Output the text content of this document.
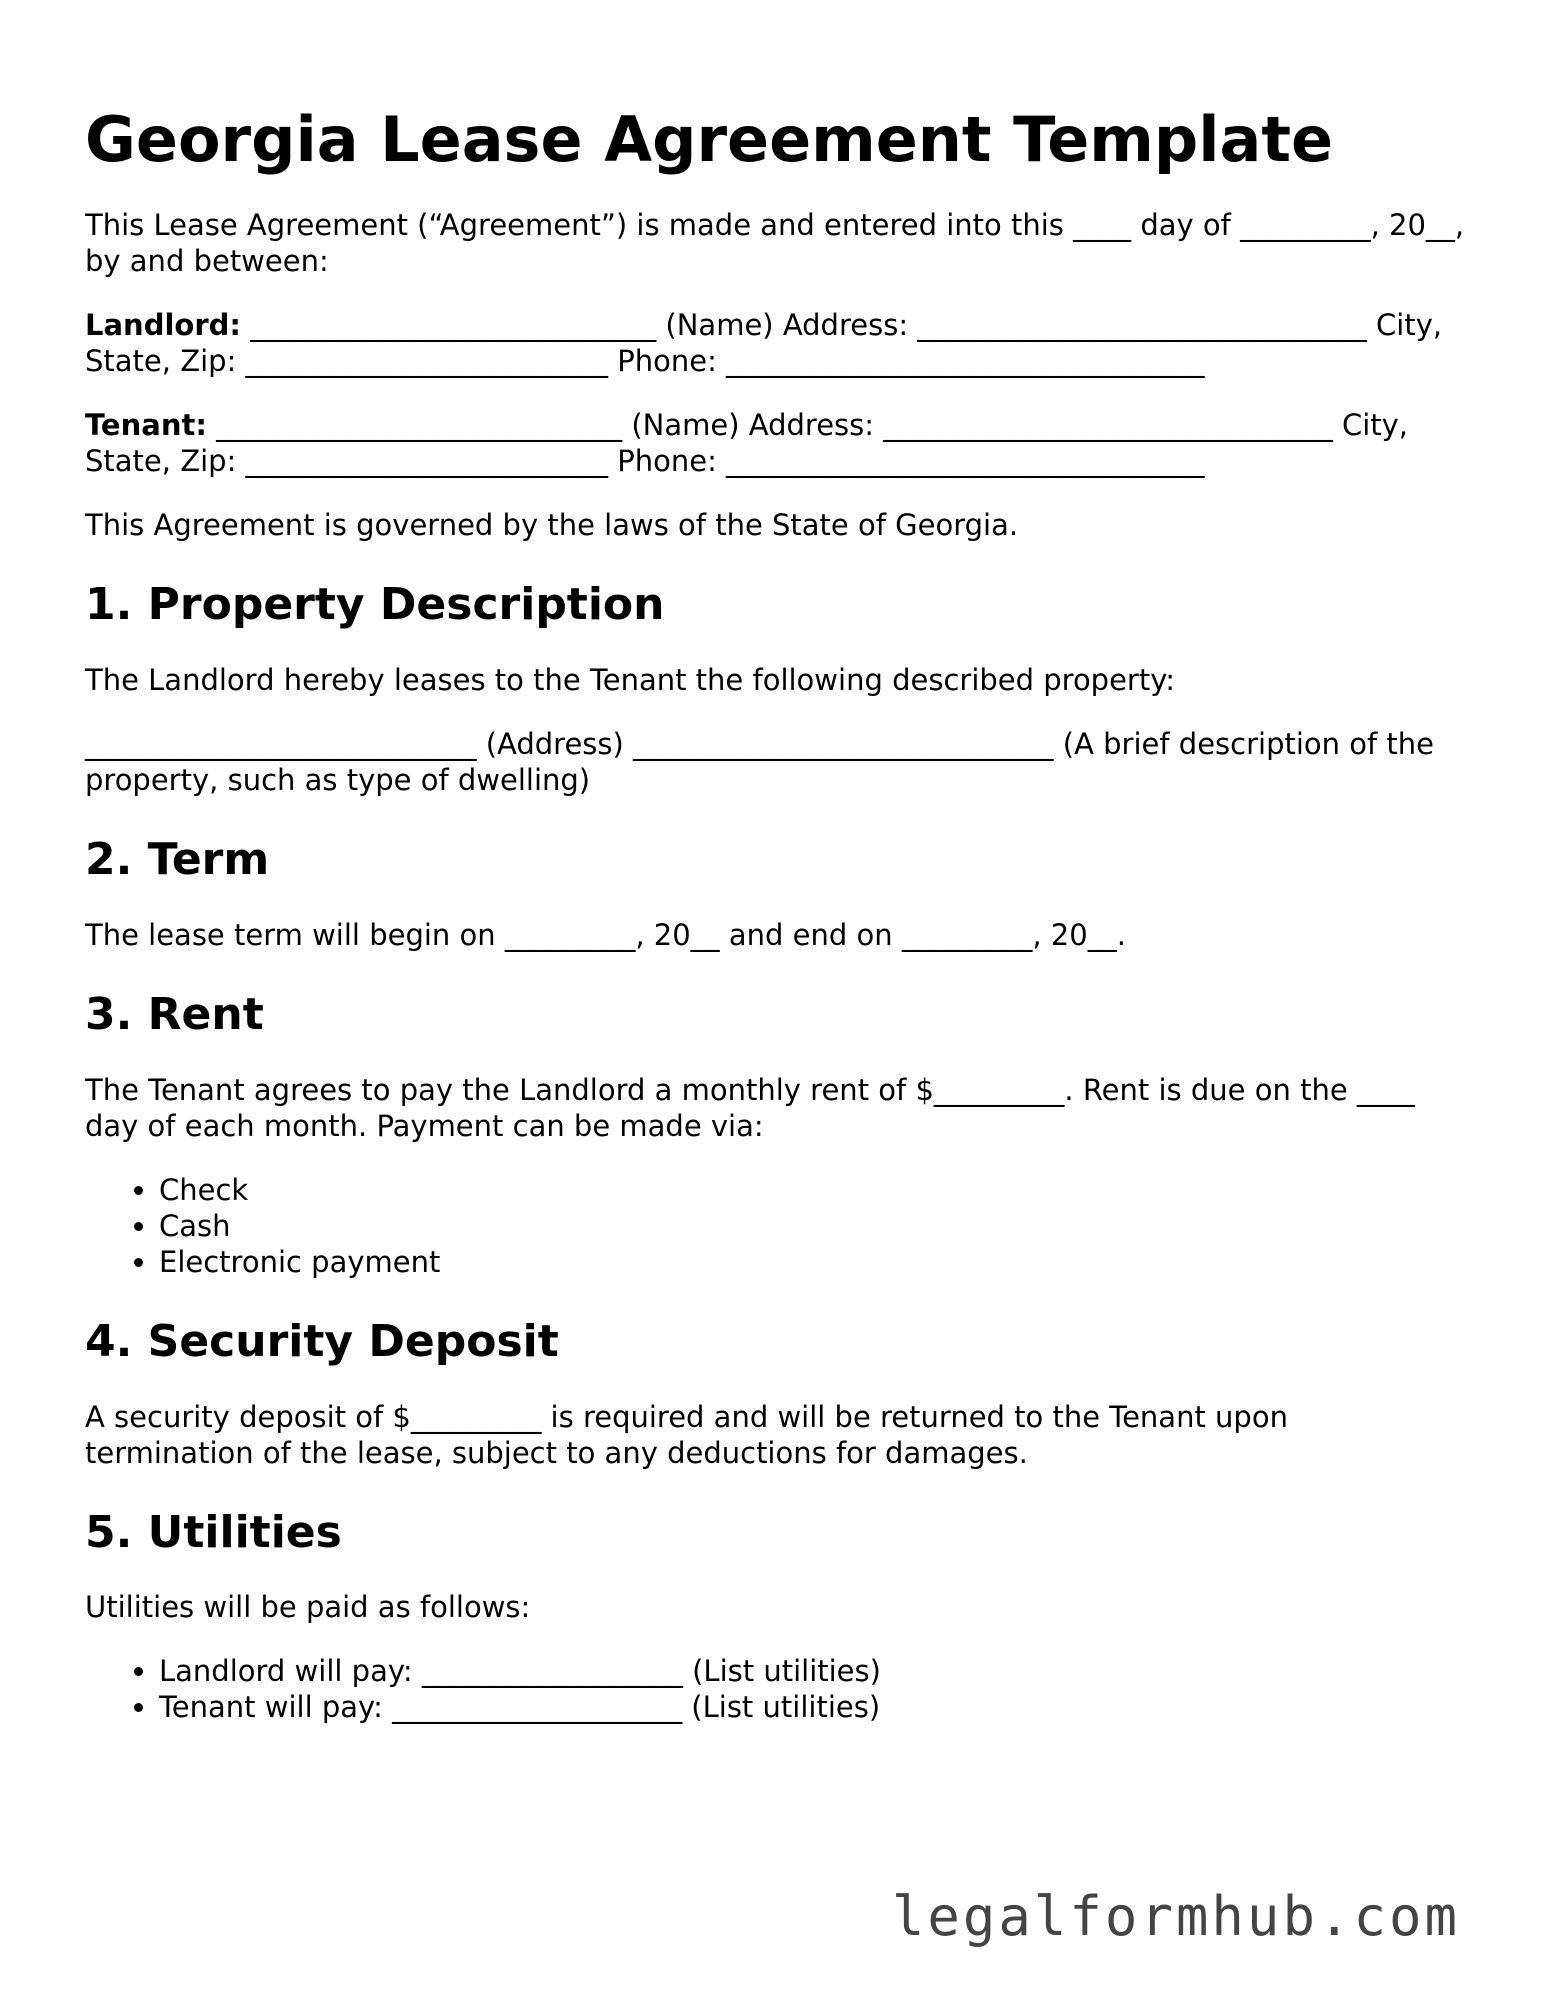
Georgia Lease Agreement Template

This Lease Agreement (“Agreement”) is made and entered into this ____ day of _________, 20__, by and between:

Landlord: ____________________________ (Name) Address: _______________________________ City, State, Zip: _________________________ Phone: _________________________________

Tenant: ____________________________ (Name) Address: _______________________________ City, State, Zip: _________________________ Phone: _________________________________

This Agreement is governed by the laws of the State of Georgia.

1. Property Description

The Landlord hereby leases to the Tenant the following described property:

___________________________ (Address) _____________________________ (A brief description of the property, such as type of dwelling)

2. Term

The lease term will begin on _________, 20__ and end on _________, 20__.

3. Rent

The Tenant agrees to pay the Landlord a monthly rent of $_________. Rent is due on the ____ day of each month. Payment can be made via:

• Check
• Cash
• Electronic payment
4. Security Deposit

A security deposit of $_________ is required and will be returned to the Tenant upon termination of the lease, subject to any deductions for damages.

5. Utilities

Utilities will be paid as follows:

• Landlord will pay: __________________ (List utilities)
• Tenant will pay: ____________________ (List utilities)
legalformhub.com
